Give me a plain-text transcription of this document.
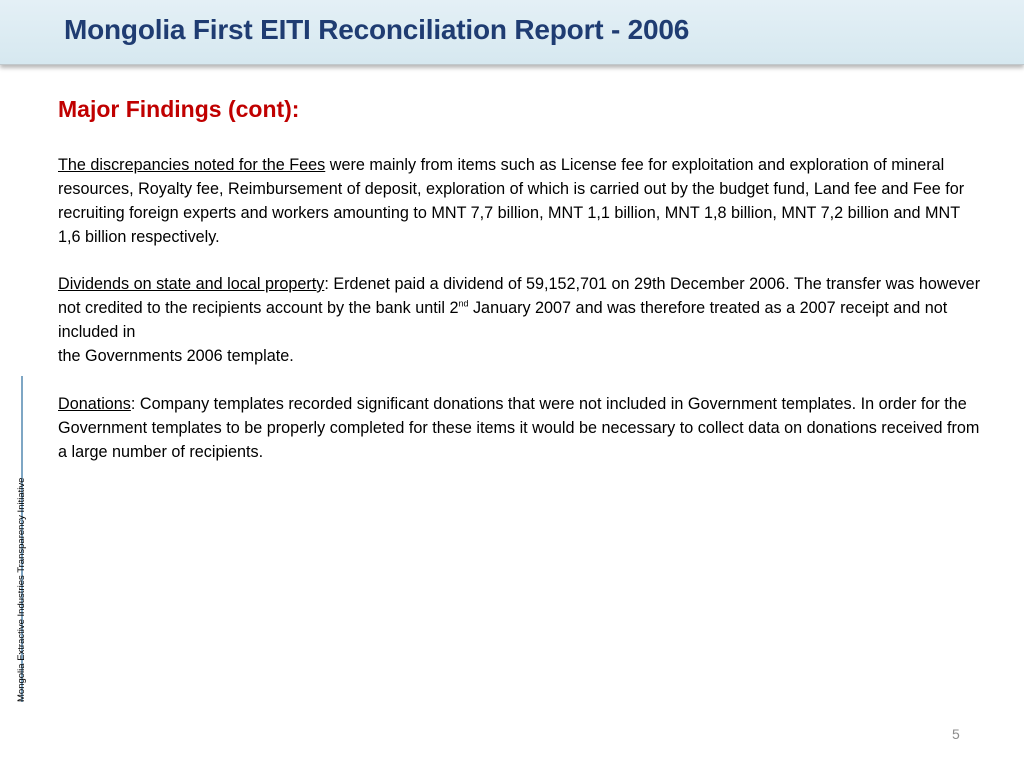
Mongolia First EITI Reconciliation Report - 2006
Mongolia Extractive Industries Transparency Initiative
Major Findings (cont):

The discrepancies noted for the Fees were mainly from items such as License fee for exploitation and exploration of mineral resources, Royalty fee, Reimbursement of deposit, exploration of which is carried out by the budget fund, Land fee and Fee for recruiting foreign experts and workers amounting to MNT 7,7 billion, MNT 1,1 billion, MNT 1,8 billion, MNT 7,2 billion and MNT 1,6 billion respectively.

Dividends on state and local property: Erdenet paid a dividend of 59,152,701 on 29th December 2006. The transfer was however not credited to the recipients account by the bank until 2nd January 2007 and was therefore treated as a 2007 receipt and not included in
the Governments 2006 template.

Donations: Company templates recorded significant donations that were not included in Government templates. In order for the Government templates to be properly completed for these items it would be necessary to collect data on donations received from a large number of recipients.

5
